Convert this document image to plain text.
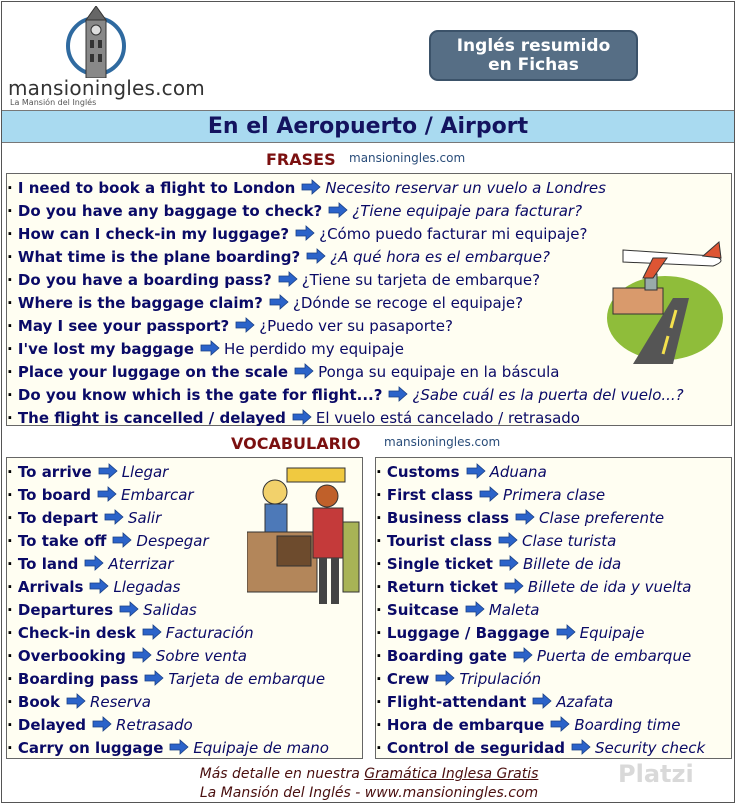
mansioningles.com
La Mansión del Inglés
Inglés resumido
en Fichas
En el Aeropuerto / Airport
FRASES mansioningles.com
· I need to book a flight to London Necesito reservar un vuelo a Londres
· Do you have any baggage to check? ¿Tiene equipaje para facturar?
· How can I check-in my luggage? ¿Cómo puedo facturar mi equipaje?
· What time is the plane boarding? ¿A qué hora es el embarque?
· Do you have a boarding pass? ¿Tiene su tarjeta de embarque?
· Where is the baggage claim? ¿Dónde se recoge el equipaje?
· May I see your passport? ¿Puedo ver su pasaporte?
· I've lost my baggage He perdido my equipaje
· Place your luggage on the scale Ponga su equipaje en la báscula
· Do you know which is the gate for flight...? ¿Sabe cuál es la puerta del vuelo...?
· The flight is cancelled / delayed El vuelo está cancelado / retrasado
VOCABULARIO mansioningles.com
· To arrive Llegar
· To board Embarcar
· To depart Salir
· To take off Despegar
· To land Aterrizar
· Arrivals Llegadas
· Departures Salidas
· Check-in desk Facturación
· Overbooking Sobre venta
· Boarding pass Tarjeta de embarque
· Book Reserva
· Delayed Retrasado
· Carry on luggage Equipaje de mano
· Customs Aduana
· First class Primera clase
· Business class Clase preferente
· Tourist class Clase turista
· Single ticket Billete de ida
· Return ticket Billete de ida y vuelta
· Suitcase Maleta
· Luggage / Baggage Equipaje
· Boarding gate Puerta de embarque
· Crew Tripulación
· Flight-attendant Azafata
· Hora de embarque Boarding time
· Control de seguridad Security check
Más detalle en nuestra Gramática Inglesa Gratis
La Mansión del Inglés - www.mansioningles.com
Platzi
